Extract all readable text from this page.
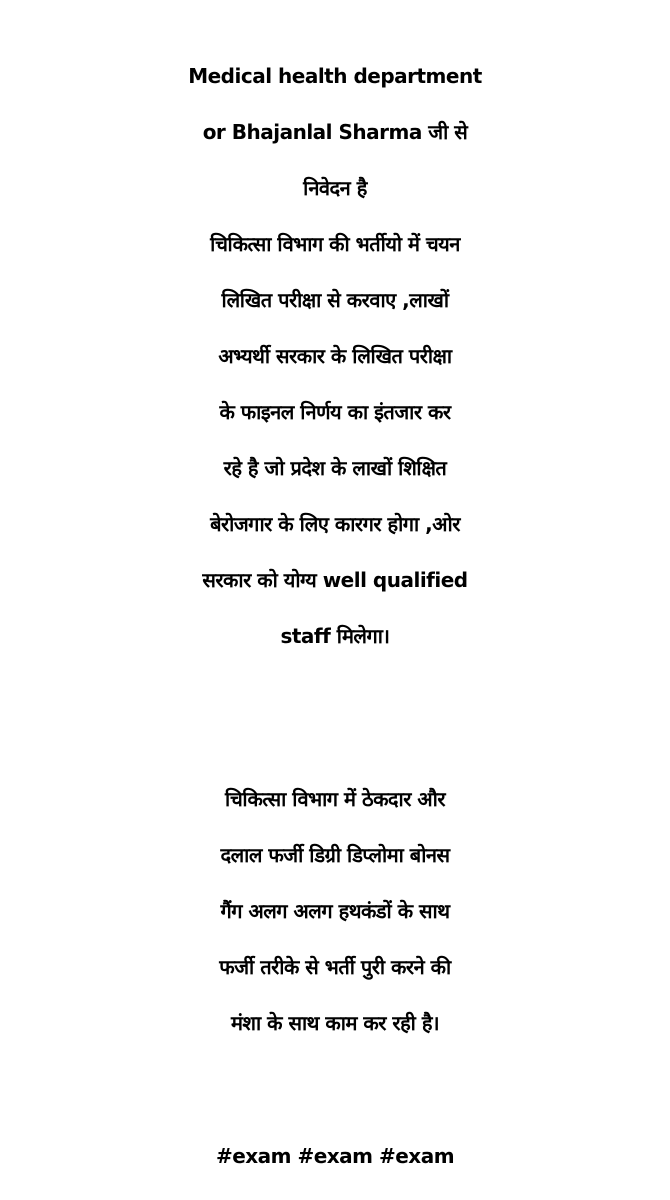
Medical health department
or Bhajanlal Sharma जी से
निवेदन है
चिकित्सा विभाग की भर्तीयो में चयन
लिखित परीक्षा से करवाए ,लाखों
अभ्यर्थी सरकार के लिखित परीक्षा
के फाइनल निर्णय का इंतजार कर
रहे है जो प्रदेश के लाखों शिक्षित
बेरोजगार के लिए कारगर होगा ,ओर
सरकार को योग्य well qualified
staff मिलेगा।
चिकित्सा विभाग में ठेकदार और
दलाल फर्जी डिग्री डिप्लोमा बोनस
गैंग अलग अलग हथकंडों के साथ
फर्जी तरीके से भर्ती पुरी करने की
मंशा के साथ काम कर रही है।
#exam #exam #exam
